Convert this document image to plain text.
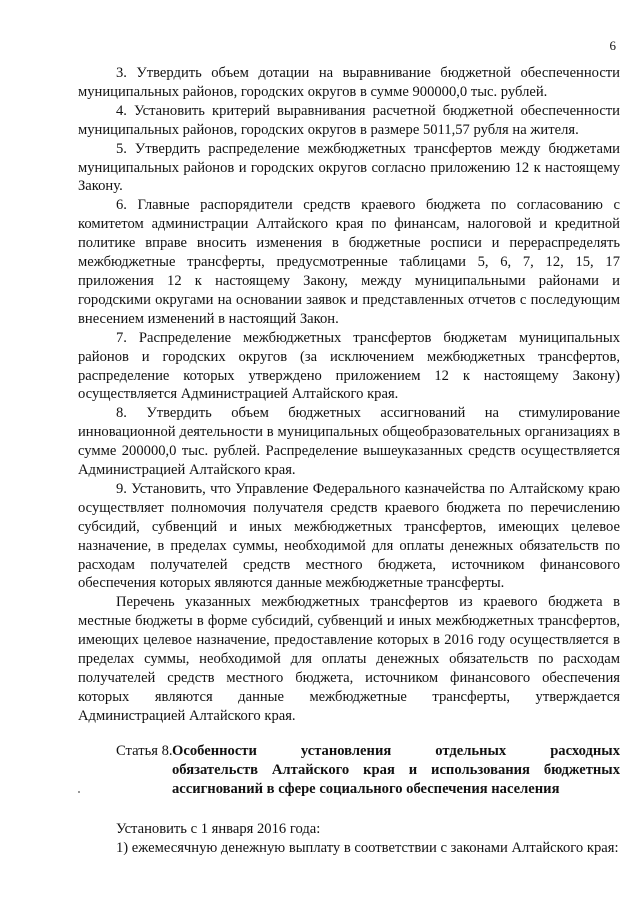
6

3. Утвердить объем дотации на выравнивание бюджетной обеспеченности муниципальных районов, городских округов в сумме 900000,0 тыс. рублей.

4. Установить критерий выравнивания расчетной бюджетной обеспеченности муниципальных районов, городских округов в размере 5011,57 рубля на жителя.

5. Утвердить распределение межбюджетных трансфертов между бюджетами муниципальных районов и городских округов согласно приложению 12 к настоящему Закону.

6. Главные распорядители средств краевого бюджета по согласованию с комитетом администрации Алтайского края по финансам, налоговой и кредитной политике вправе вносить изменения в бюджетные росписи и перераспределять межбюджетные трансферты, предусмотренные таблицами 5, 6, 7, 12, 15, 17 приложения 12 к настоящему Закону, между муниципальными районами и городскими округами на основании заявок и представленных отчетов с последующим внесением изменений в настоящий Закон.

7. Распределение межбюджетных трансфертов бюджетам муниципальных районов и городских округов (за исключением межбюджетных трансфертов, распределение которых утверждено приложением 12 к настоящему Закону) осуществляется Администрацией Алтайского края.

8. Утвердить объем бюджетных ассигнований на стимулирование инновационной деятельности в муниципальных общеобразовательных организациях в сумме 200000,0 тыс. рублей. Распределение вышеуказанных средств осуществляется Администрацией Алтайского края.

9. Установить, что Управление Федерального казначейства по Алтайскому краю осуществляет полномочия получателя средств краевого бюджета по перечислению субсидий, субвенций и иных межбюджетных трансфертов, имеющих целевое назначение, в пределах суммы, необходимой для оплаты денежных обязательств по расходам получателей средств местного бюджета, источником финансового обеспечения которых являются данные межбюджетные трансферты.

Перечень указанных межбюджетных трансфертов из краевого бюджета в местные бюджеты в форме субсидий, субвенций и иных межбюджетных трансфертов, имеющих целевое назначение, предоставление которых в 2016 году осуществляется в пределах суммы, необходимой для оплаты денежных обязательств по расходам получателей средств местного бюджета, источником финансового обеспечения которых являются данные межбюджетные трансферты, утверждается Администрацией Алтайского края.

Статья 8. Особенности установления отдельных расходных
обязательств Алтайского края и использования бюджетных ассигнований в сфере социального обеспечения населения

Установить с 1 января 2016 года:

1) ежемесячную денежную выплату в соответствии с законами Алтайского края:
